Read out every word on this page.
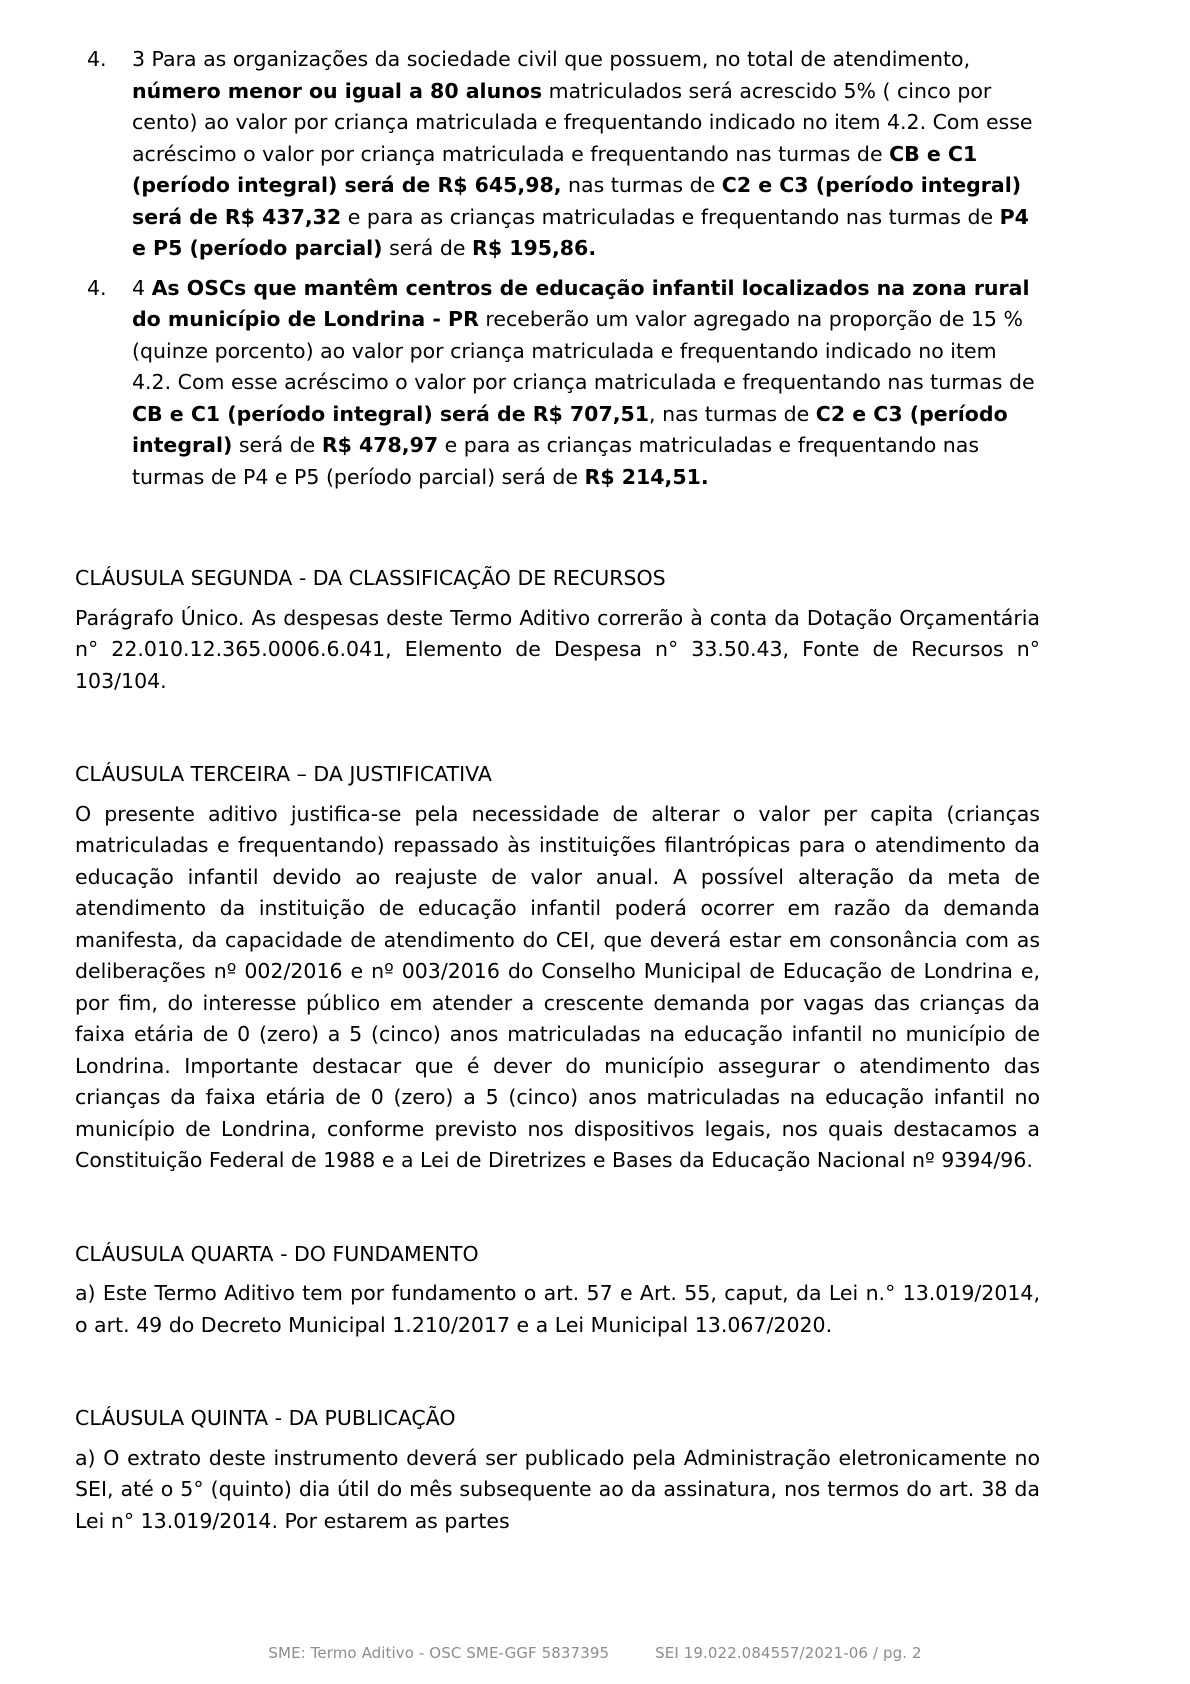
4. 3 Para as organizações da sociedade civil que possuem, no total de atendimento, número menor ou igual a 80 alunos matriculados será acrescido 5% ( cinco por cento) ao valor por criança matriculada e frequentando indicado no item 4.2. Com esse acréscimo o valor por criança matriculada e frequentando nas turmas de CB e C1 (período integral) será de R$ 645,98, nas turmas de C2 e C3 (período integral) será de R$ 437,32 e para as crianças matriculadas e frequentando nas turmas de P4 e P5 (período parcial) será de R$ 195,86.
4. 4 As OSCs que mantêm centros de educação infantil localizados na zona rural do município de Londrina - PR receberão um valor agregado na proporção de 15 % (quinze porcento) ao valor por criança matriculada e frequentando indicado no item 4.2. Com esse acréscimo o valor por criança matriculada e frequentando nas turmas de CB e C1 (período integral) será de R$ 707,51, nas turmas de C2 e C3 (período integral) será de R$ 478,97 e para as crianças matriculadas e frequentando nas turmas de P4 e P5 (período parcial) será de R$ 214,51.
CLÁUSULA SEGUNDA - DA CLASSIFICAÇÃO DE RECURSOS

Parágrafo Único. As despesas deste Termo Aditivo correrão à conta da Dotação Orçamentária n° 22.010.12.365.0006.6.041, Elemento de Despesa n° 33.50.43, Fonte de Recursos n° 103/104.

CLÁUSULA TERCEIRA – DA JUSTIFICATIVA

O presente aditivo justifica-se pela necessidade de alterar o valor per capita (crianças matriculadas e frequentando) repassado às instituições filantrópicas para o atendimento da educação infantil devido ao reajuste de valor anual. A possível alteração da meta de atendimento da instituição de educação infantil poderá ocorrer em razão da demanda manifesta, da capacidade de atendimento do CEI, que deverá estar em consonância com as deliberações nº 002/2016 e nº 003/2016 do Conselho Municipal de Educação de Londrina e, por fim, do interesse público em atender a crescente demanda por vagas das crianças da faixa etária de 0 (zero) a 5 (cinco) anos matriculadas na educação infantil no município de Londrina. Importante destacar que é dever do município assegurar o atendimento das crianças da faixa etária de 0 (zero) a 5 (cinco) anos matriculadas na educação infantil no município de Londrina, conforme previsto nos dispositivos legais, nos quais destacamos a Constituição Federal de 1988 e a Lei de Diretrizes e Bases da Educação Nacional nº 9394/96.

CLÁUSULA QUARTA - DO FUNDAMENTO

a) Este Termo Aditivo tem por fundamento o art. 57 e Art. 55, caput, da Lei n.° 13.019/2014, o art. 49 do Decreto Municipal 1.210/2017 e a Lei Municipal 13.067/2020.

CLÁUSULA QUINTA - DA PUBLICAÇÃO

a) O extrato deste instrumento deverá ser publicado pela Administração eletronicamente no SEI, até o 5° (quinto) dia útil do mês subsequente ao da assinatura, nos termos do art. 38 da Lei n° 13.019/2014. Por estarem as partes

SME: Termo Aditivo - OSC SME-GGF 5837395	SEI 19.022.084557/2021-06 / pg. 2
